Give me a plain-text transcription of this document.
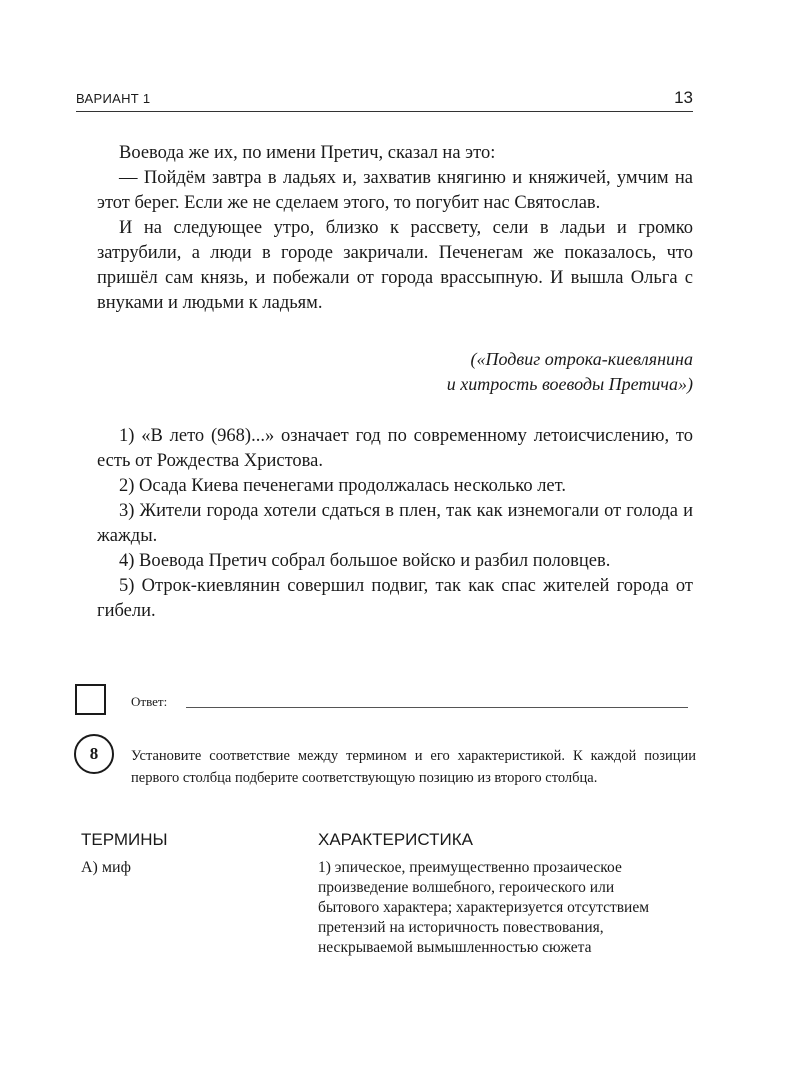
ВАРИАНТ 1	13

Воевода же их, по имени Претич, сказал на это:

— Пойдём завтра в ладьях и, захватив княгиню и княжичей, умчим на этот берег. Если же не сделаем этого, то погубит нас Святослав.

И на следующее утро, близко к рассвету, сели в ладьи и громко затрубили, а люди в городе закричали. Печенегам же показалось, что пришёл сам князь, и побежали от города врассыпную. И вышла Ольга с внуками и людьми к ладьям.

(«Подвиг отрока-киевлянина
и хитрость воеводы Претича»)

1) «В лето (968)...» означает год по современному летоисчислению, то есть от Рождества Христова.

2) Осада Киева печенегами продолжалась несколько лет.

3) Жители города хотели сдаться в плен, так как изнемогали от голода и жажды.

4) Воевода Претич собрал большое войско и разбил половцев.

5) Отрок-киевлянин совершил подвиг, так как спас жителей города от гибели.

Ответ:
8 Установите соответствие между термином и его характеристикой. К каждой позиции первого столбца подберите соответствующую позицию из второго столбца.

ТЕРМИНЫ	ХАРАКТЕРИСТИКА
А) миф	1) эпическое, преимущественно прозаическое произведение волшебного, героического или бытового характера; характеризуется отсутствием претензий на историчность повествования, нескрываемой вымышленностью сюжета
